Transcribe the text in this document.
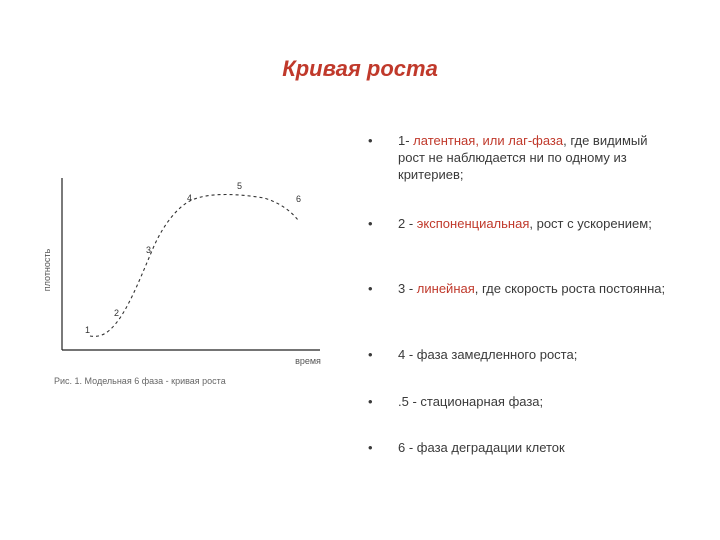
Кривая роста
плотность
время
1
2
3
4
5
6
Рис. 1. Модельная 6 фаза - кривая роста
•	1- латентная, или лаг-фаза, где видимый рост не наблюдается ни по одному из критериев;
•	2 - экспоненциальная, рост с ускорением;
•	3 - линейная, где скорость роста постоянна;
•	4 - фаза замедленного роста;
•	.5 - стационарная фаза;
•	6 - фаза деградации клеток
